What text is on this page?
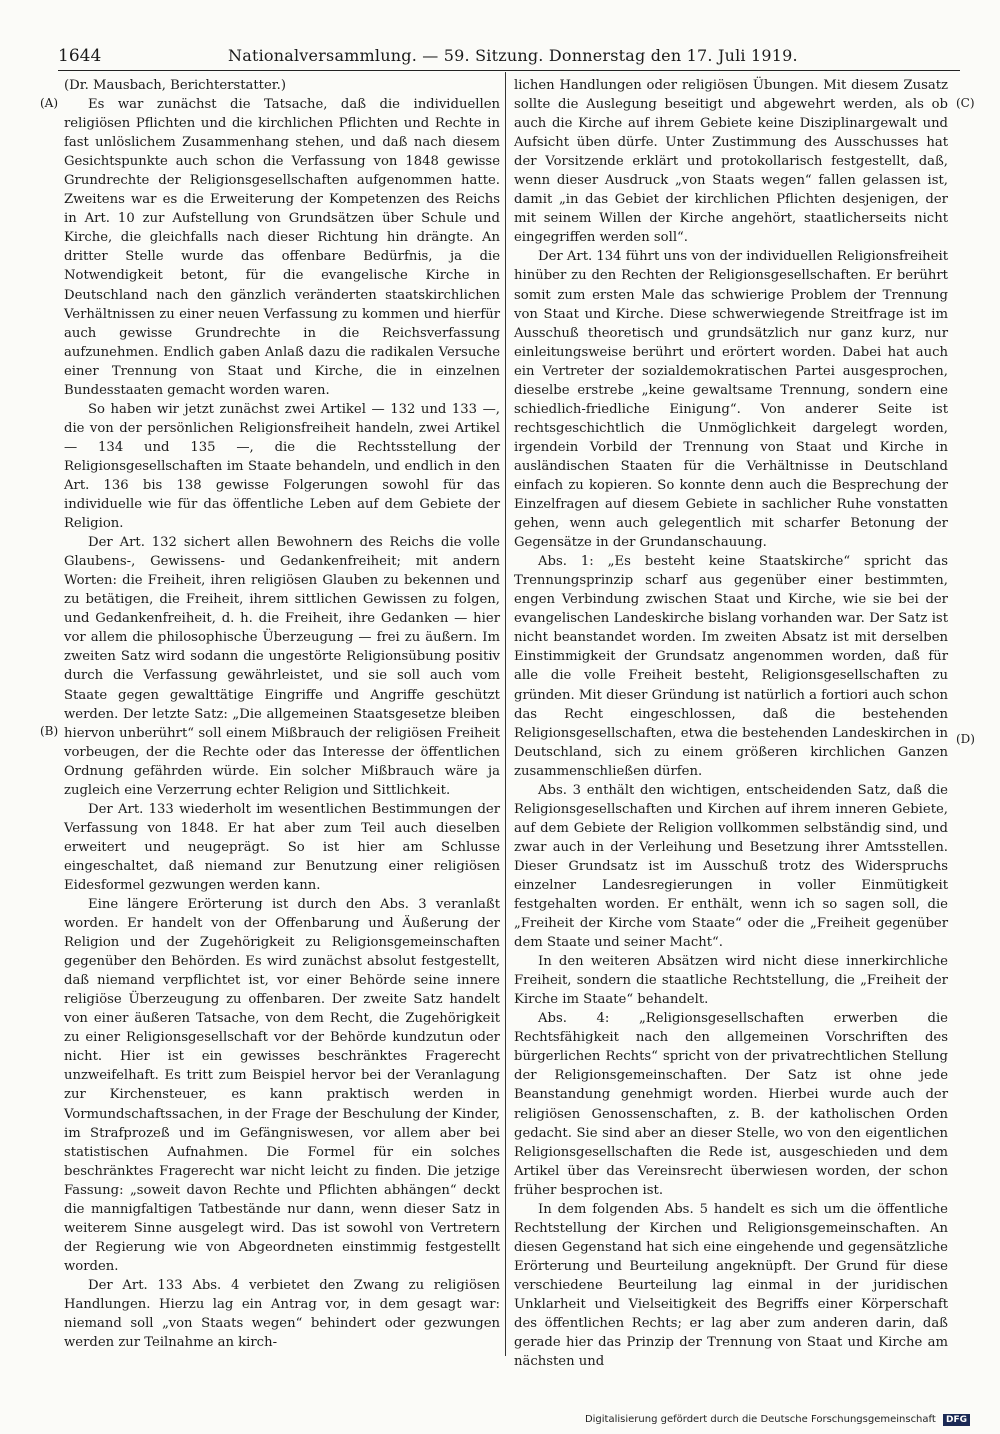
1644	Nationalversammlung. — 59. Sitzung. Donnerstag den 17. Juli 1919.
(A)
(B)
(C)
(D)

(Dr. Mausbach, Berichterstatter.)

Es war zunächst die Tatsache, daß die individuellen religiösen Pflichten und die kirchlichen Pflichten und Rechte in fast unlöslichem Zusammenhang stehen, und daß nach diesem Gesichtspunkte auch schon die Verfassung von 1848 gewisse Grundrechte der Religionsgesellschaften aufgenommen hatte. Zweitens war es die Erweiterung der Kompetenzen des Reichs in Art. 10 zur Aufstellung von Grundsätzen über Schule und Kirche, die gleichfalls nach dieser Richtung hin drängte. An dritter Stelle wurde das offenbare Bedürfnis, ja die Notwendigkeit betont, für die evangelische Kirche in Deutschland nach den gänzlich veränderten staatskirchlichen Verhältnissen zu einer neuen Verfassung zu kommen und hierfür auch gewisse Grundrechte in die Reichsverfassung aufzunehmen. Endlich gaben Anlaß dazu die radikalen Versuche einer Trennung von Staat und Kirche, die in einzelnen Bundesstaaten gemacht worden waren.

So haben wir jetzt zunächst zwei Artikel — 132 und 133 —, die von der persönlichen Religionsfreiheit handeln, zwei Artikel — 134 und 135 —, die die Rechtsstellung der Religionsgesellschaften im Staate behandeln, und endlich in den Art. 136 bis 138 gewisse Folgerungen sowohl für das individuelle wie für das öffentliche Leben auf dem Gebiete der Religion.

Der Art. 132 sichert allen Bewohnern des Reichs die volle Glaubens-, Gewissens- und Gedankenfreiheit; mit andern Worten: die Freiheit, ihren religiösen Glauben zu bekennen und zu betätigen, die Freiheit, ihrem sittlichen Gewissen zu folgen, und Gedankenfreiheit, d. h. die Freiheit, ihre Gedanken — hier vor allem die philosophische Überzeugung — frei zu äußern. Im zweiten Satz wird sodann die ungestörte Religionsübung positiv durch die Verfassung gewährleistet, und sie soll auch vom Staate gegen gewalttätige Eingriffe und Angriffe geschützt werden. Der letzte Satz: „Die allgemeinen Staatsgesetze bleiben hiervon unberührt“ soll einem Mißbrauch der religiösen Freiheit vorbeugen, der die Rechte oder das Interesse der öffentlichen Ordnung gefährden würde. Ein solcher Mißbrauch wäre ja zugleich eine Verzerrung echter Religion und Sittlichkeit.

Der Art. 133 wiederholt im wesentlichen Bestimmungen der Verfassung von 1848. Er hat aber zum Teil auch dieselben erweitert und neugeprägt. So ist hier am Schlusse eingeschaltet, daß niemand zur Benutzung einer religiösen Eidesformel gezwungen werden kann.

Eine längere Erörterung ist durch den Abs. 3 veranlaßt worden. Er handelt von der Offenbarung und Äußerung der Religion und der Zugehörigkeit zu Religionsgemeinschaften gegenüber den Behörden. Es wird zunächst absolut festgestellt, daß niemand verpflichtet ist, vor einer Behörde seine innere religiöse Überzeugung zu offenbaren. Der zweite Satz handelt von einer äußeren Tatsache, von dem Recht, die Zugehörigkeit zu einer Religionsgesellschaft vor der Behörde kundzutun oder nicht. Hier ist ein gewisses beschränktes Fragerecht unzweifelhaft. Es tritt zum Beispiel hervor bei der Veranlagung zur Kirchensteuer, es kann praktisch werden in Vormundschaftssachen, in der Frage der Beschulung der Kinder, im Strafprozeß und im Gefängniswesen, vor allem aber bei statistischen Aufnahmen. Die Formel für ein solches beschränktes Fragerecht war nicht leicht zu finden. Die jetzige Fassung: „soweit davon Rechte und Pflichten abhängen“ deckt die mannigfaltigen Tatbestände nur dann, wenn dieser Satz in weiterem Sinne ausgelegt wird. Das ist sowohl von Vertretern der Regierung wie von Abgeordneten einstimmig festgestellt worden.

Der Art. 133 Abs. 4 verbietet den Zwang zu religiösen Handlungen. Hierzu lag ein Antrag vor, in dem gesagt war: niemand soll „von Staats wegen“ behindert oder gezwungen werden zur Teilnahme an kirch-

lichen Handlungen oder religiösen Übungen. Mit diesem Zusatz sollte die Auslegung beseitigt und abgewehrt werden, als ob auch die Kirche auf ihrem Gebiete keine Disziplinargewalt und Aufsicht üben dürfe. Unter Zustimmung des Ausschusses hat der Vorsitzende erklärt und protokollarisch festgestellt, daß, wenn dieser Ausdruck „von Staats wegen“ fallen gelassen ist, damit „in das Gebiet der kirchlichen Pflichten desjenigen, der mit seinem Willen der Kirche angehört, staatlicherseits nicht eingegriffen werden soll“.

Der Art. 134 führt uns von der individuellen Religionsfreiheit hinüber zu den Rechten der Religionsgesellschaften. Er berührt somit zum ersten Male das schwierige Problem der Trennung von Staat und Kirche. Diese schwerwiegende Streitfrage ist im Ausschuß theoretisch und grundsätzlich nur ganz kurz, nur einleitungsweise berührt und erörtert worden. Dabei hat auch ein Vertreter der sozialdemokratischen Partei ausgesprochen, dieselbe erstrebe „keine gewaltsame Trennung, sondern eine schiedlich-friedliche Einigung“. Von anderer Seite ist rechtsgeschichtlich die Unmöglichkeit dargelegt worden, irgendein Vorbild der Trennung von Staat und Kirche in ausländischen Staaten für die Verhältnisse in Deutschland einfach zu kopieren. So konnte denn auch die Besprechung der Einzelfragen auf diesem Gebiete in sachlicher Ruhe vonstatten gehen, wenn auch gelegentlich mit scharfer Betonung der Gegensätze in der Grundanschauung.

Abs. 1: „Es besteht keine Staatskirche“ spricht das Trennungsprinzip scharf aus gegenüber einer bestimmten, engen Verbindung zwischen Staat und Kirche, wie sie bei der evangelischen Landeskirche bislang vorhanden war. Der Satz ist nicht beanstandet worden. Im zweiten Absatz ist mit derselben Einstimmigkeit der Grundsatz angenommen worden, daß für alle die volle Freiheit besteht, Religionsgesellschaften zu gründen. Mit dieser Gründung ist natürlich a fortiori auch schon das Recht eingeschlossen, daß die bestehenden Religionsgesellschaften, etwa die bestehenden Landeskirchen in Deutschland, sich zu einem größeren kirchlichen Ganzen zusammenschließen dürfen.

Abs. 3 enthält den wichtigen, entscheidenden Satz, daß die Religionsgesellschaften und Kirchen auf ihrem inneren Gebiete, auf dem Gebiete der Religion vollkommen selbständig sind, und zwar auch in der Verleihung und Besetzung ihrer Amtsstellen. Dieser Grundsatz ist im Ausschuß trotz des Widerspruchs einzelner Landesregierungen in voller Einmütigkeit festgehalten worden. Er enthält, wenn ich so sagen soll, die „Freiheit der Kirche vom Staate“ oder die „Freiheit gegenüber dem Staate und seiner Macht“.

In den weiteren Absätzen wird nicht diese innerkirchliche Freiheit, sondern die staatliche Rechtstellung, die „Freiheit der Kirche im Staate“ behandelt.

Abs. 4: „Religionsgesellschaften erwerben die Rechtsfähigkeit nach den allgemeinen Vorschriften des bürgerlichen Rechts“ spricht von der privatrechtlichen Stellung der Religionsgemeinschaften. Der Satz ist ohne jede Beanstandung genehmigt worden. Hierbei wurde auch der religiösen Genossenschaften, z. B. der katholischen Orden gedacht. Sie sind aber an dieser Stelle, wo von den eigentlichen Religionsgesellschaften die Rede ist, ausgeschieden und dem Artikel über das Vereinsrecht überwiesen worden, der schon früher besprochen ist.

In dem folgenden Abs. 5 handelt es sich um die öffentliche Rechtstellung der Kirchen und Religionsgemeinschaften. An diesen Gegenstand hat sich eine eingehende und gegensätzliche Erörterung und Beurteilung angeknüpft. Der Grund für diese verschiedene Beurteilung lag einmal in der juridischen Unklarheit und Vielseitigkeit des Begriffs einer Körperschaft des öffentlichen Rechts; er lag aber zum anderen darin, daß gerade hier das Prinzip der Trennung von Staat und Kirche am nächsten und

Digitalisierung gefördert durch die Deutsche Forschungsgemeinschaft DFG
